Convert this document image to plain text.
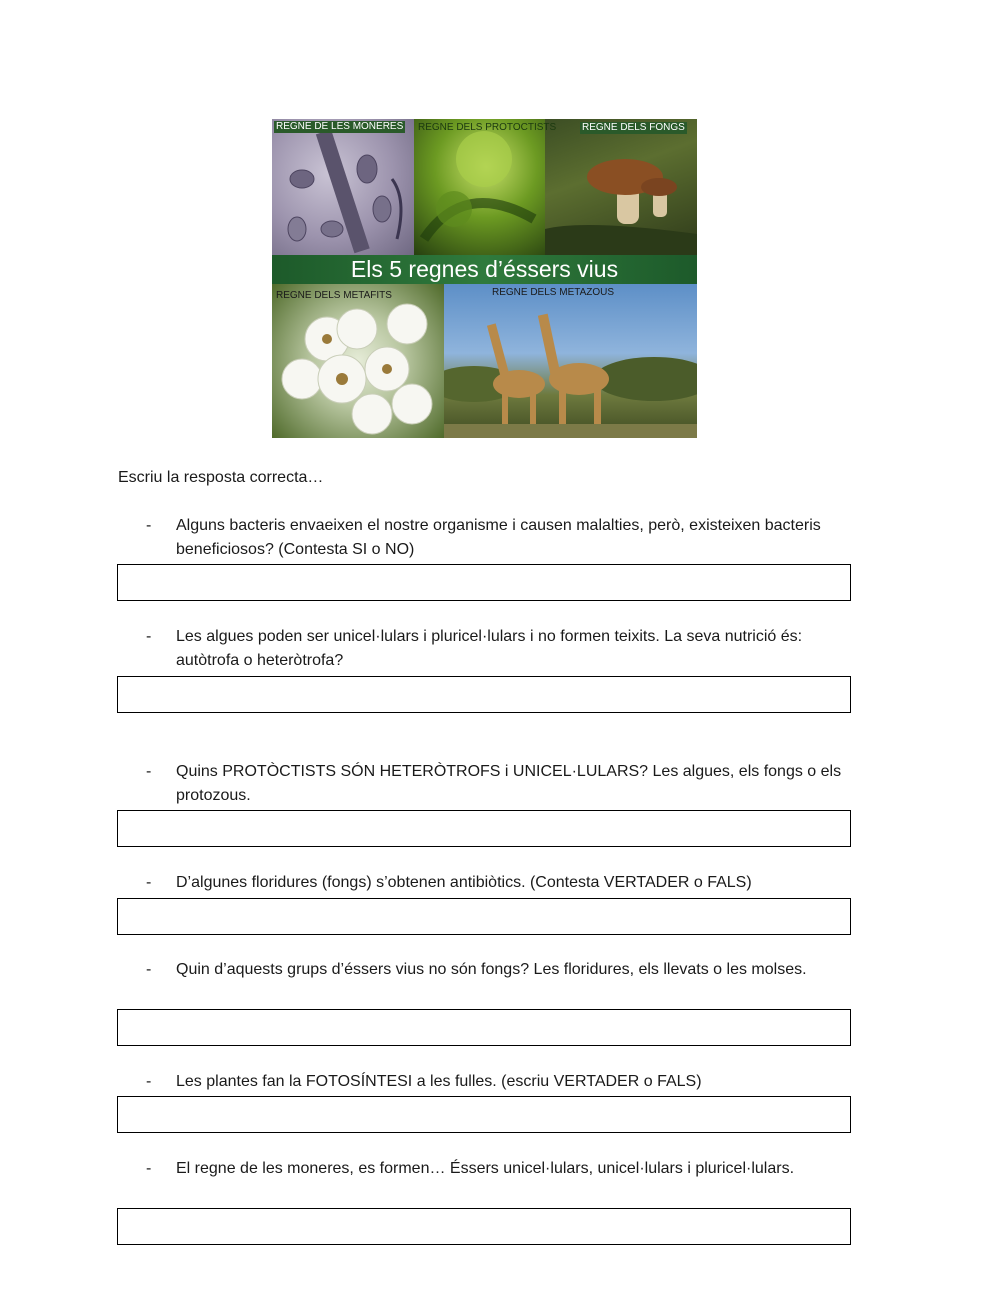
Els 5 regnes d’éssers vius
REGNE DE LES MONERES REGNE DELS PROTOCTISTS	REGNE DELS FONGS
REGNE DELS METAFITS	REGNE DELS METAZOUS
Escriu la resposta correcta…
- Alguns bacteris envaeixen el nostre organisme i causen malalties, però, existeixen bacteris beneficiosos? (Contesta SI o NO)
- Les algues poden ser unicel·lulars i pluricel·lulars i no formen teixits. La seva nutrició és: autòtrofa o heteròtrofa?
- Quins PROTÒCTISTS SÓN HETERÒTROFS i UNICEL·LULARS? Les algues, els fongs o els protozous.
- D’algunes floridures (fongs) s’obtenen antibiòtics. (Contesta VERTADER o FALS)
- Quin d’aquests grups d’éssers vius no són fongs? Les floridures, els llevats o les molses.
- Les plantes fan la FOTOSÍNTESI a les fulles. (escriu VERTADER o FALS)
- El regne de les moneres, es formen… Éssers unicel·lulars, unicel·lulars i pluricel·lulars.
